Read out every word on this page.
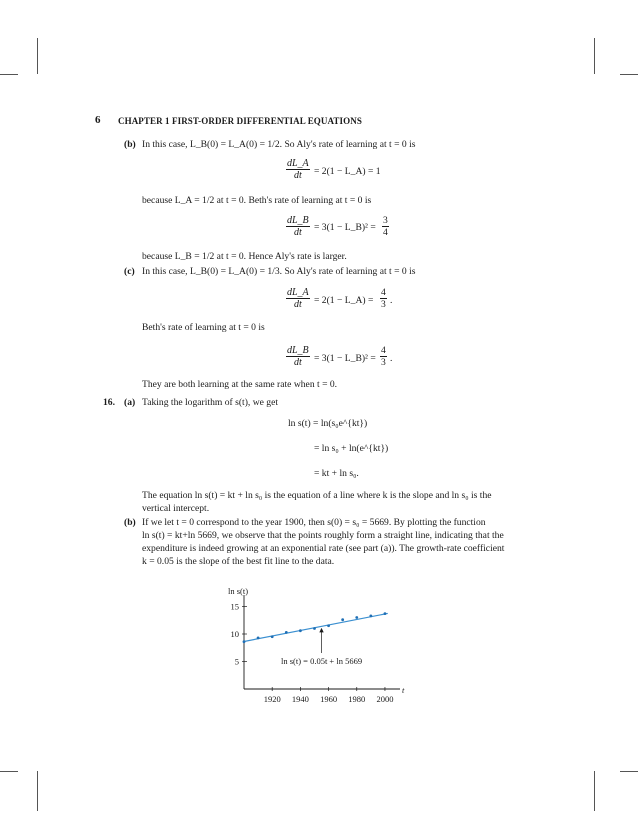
6 CHAPTER 1 FIRST-ORDER DIFFERENTIAL EQUATIONS
(b) In this case, L_B(0) = L_A(0) = 1/2. So Aly's rate of learning at t = 0 is
$\frac{dL\_A}{dt} = 2(1$ − L_A) = 1
because L_A = 1/2 at t = 0. Beth's rate of learning at t = 0 is
$\frac{dL\_B}{dt} = 3(1$ − L_B)² = $\frac{3}{4}$
because L_B = 1/2 at t = 0. Hence Aly's rate is larger.
(c) In this case, L_B(0) = L_A(0) = 1/3. So Aly's rate of learning at t = 0 is
$\frac{dL\_A}{dt} = 2(1$ − L_A) = $\frac{4}{3}$ .
Beth's rate of learning at t = 0 is
$\frac{dL\_B}{dt} = 3(1$ − L_B)² = $\frac{4}{3}$ .
They are both learning at the same rate when t = 0.
16. (a) Taking the logarithm of s(t), we get
ln s(t) = ln(s₀e^{kt})
= ln s₀ + ln(e^{kt})
= kt + ln s₀.
The equation ln s(t) = kt + ln s₀ is the equation of a line where k is the slope and ln s₀ is the
vertical intercept.
(b) If we let t = 0 correspond to the year 1900, then s(0) = s₀ = 5669. By plotting the function
ln s(t) = kt+ln 5669, we observe that the points roughly form a straight line, indicating that the
expenditure is indeed growing at an exponential rate (see part (a)). The growth-rate coefficient
k = 0.05 is the slope of the best fit line to the data.
ln s(t)
t
1920 1940 1960 1980 2000
5
10
15
ln s(t) = 0.05t + ln 5669
